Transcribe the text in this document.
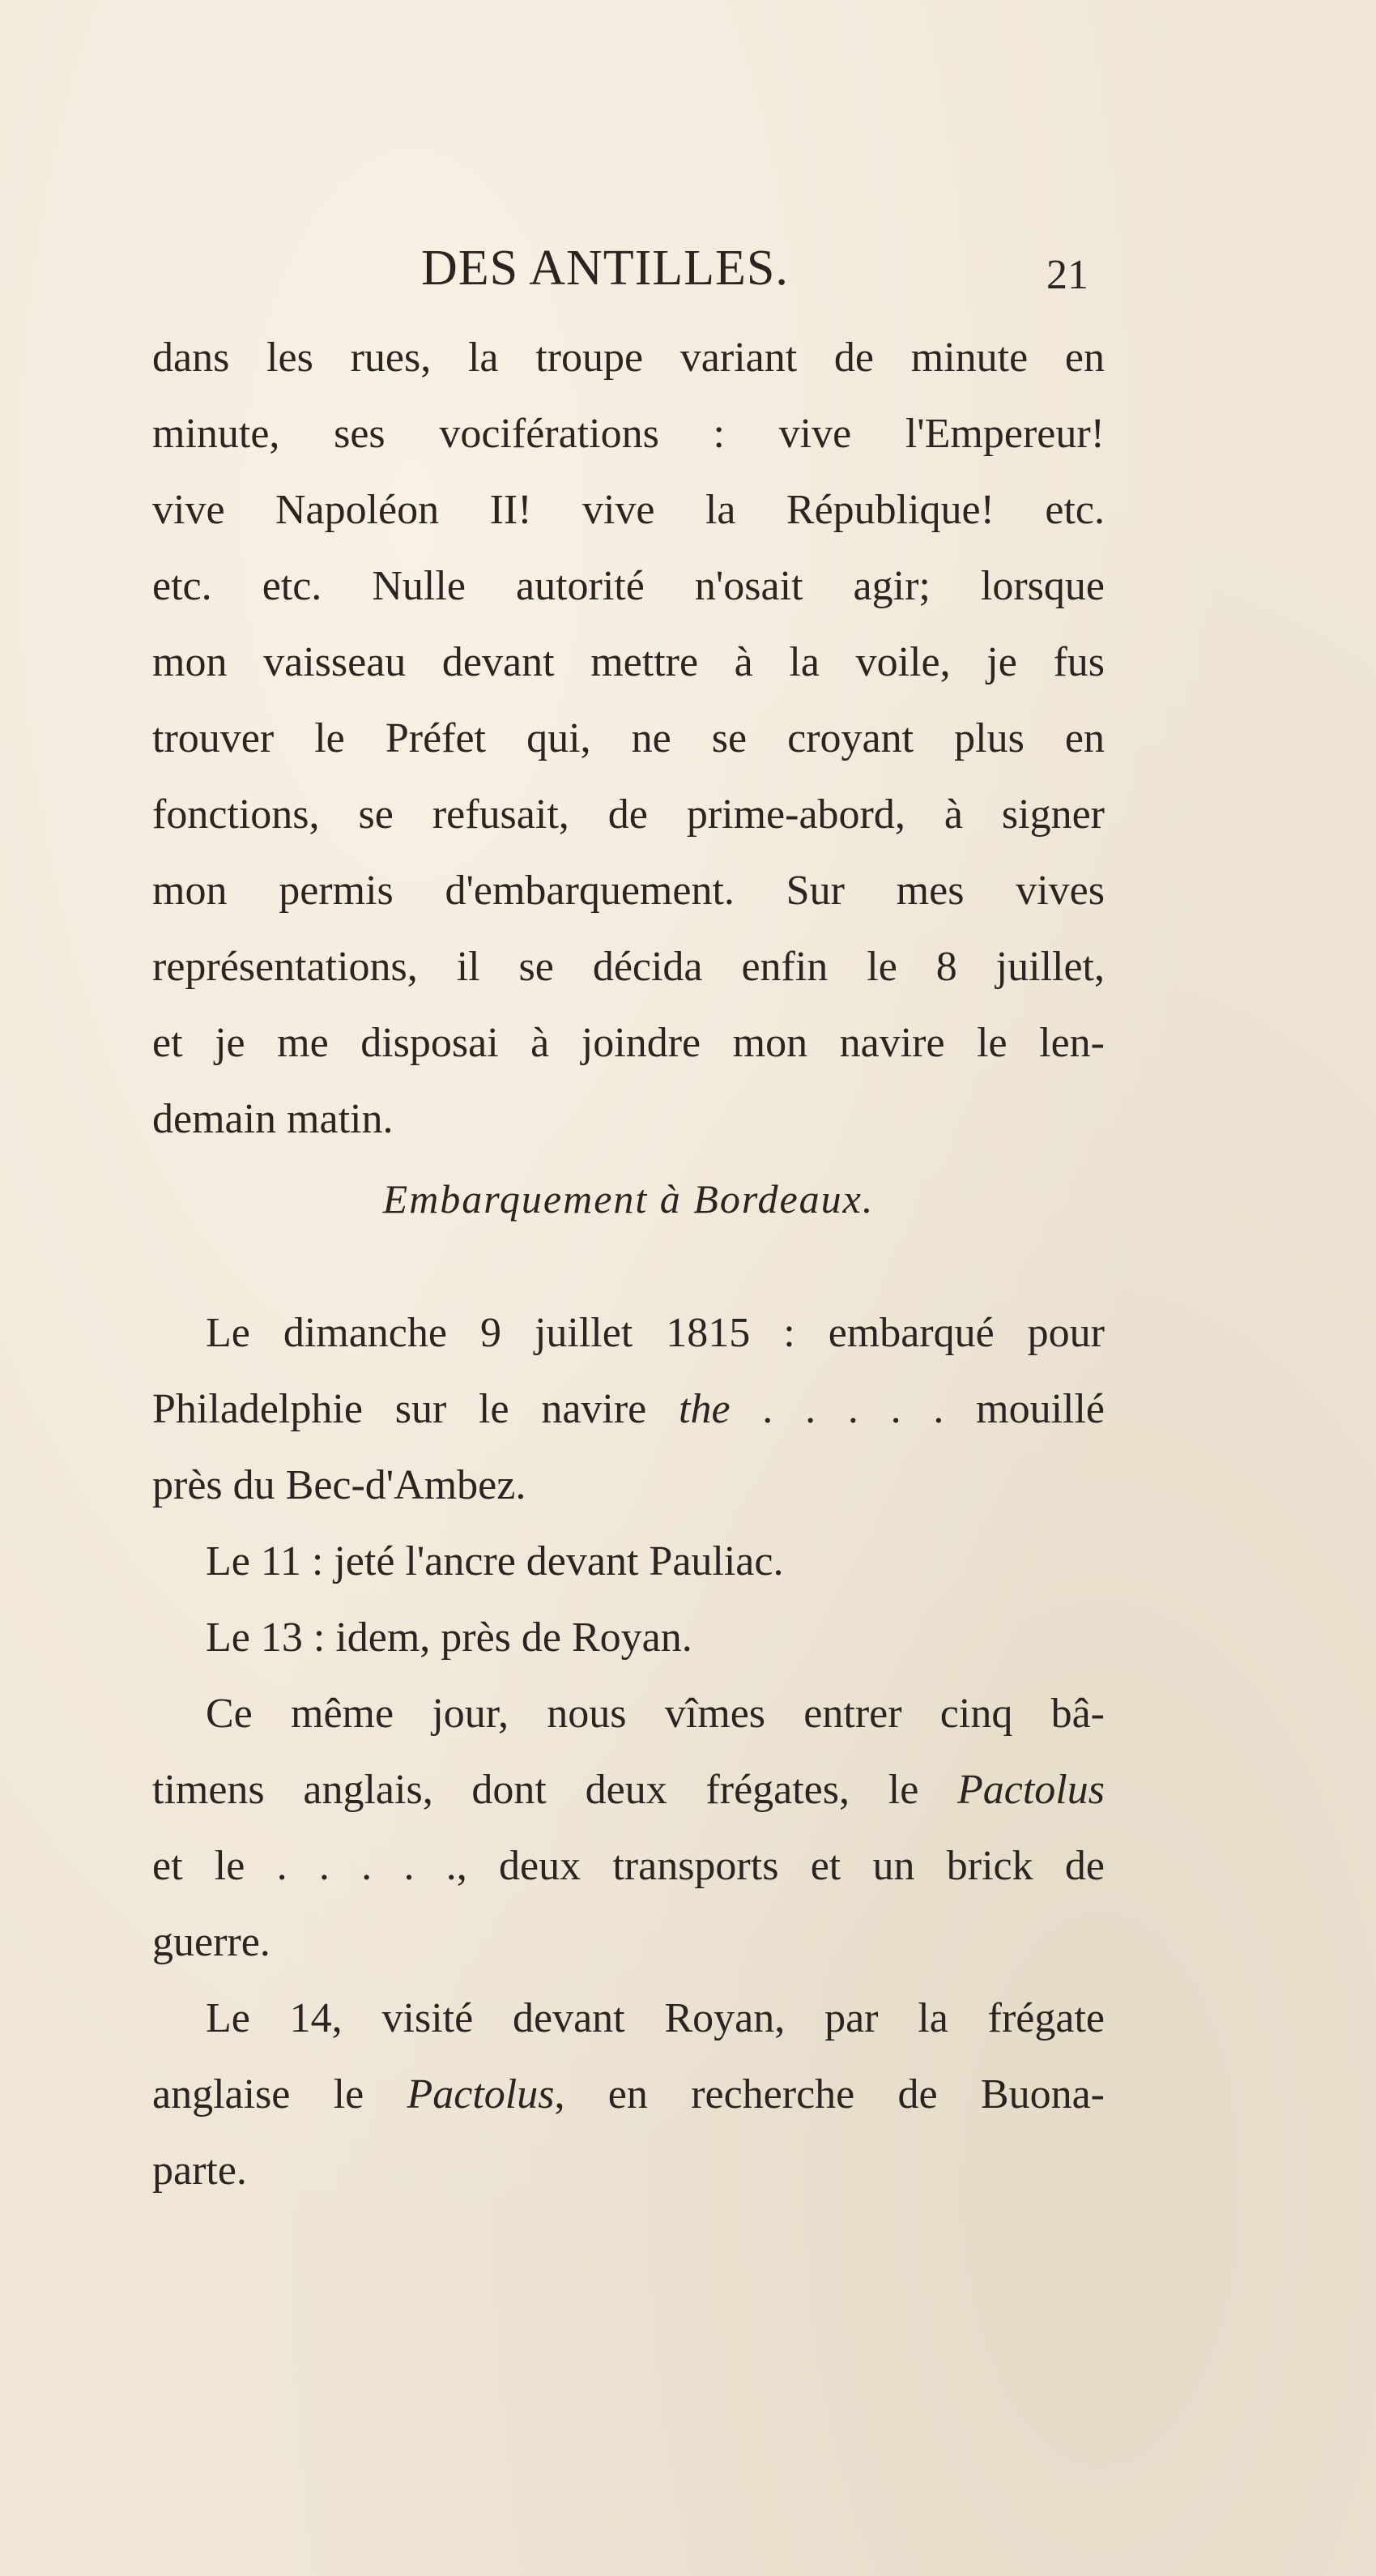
DES ANTILLES.	21
dans les rues, la troupe variant de minute en
minute, ses vociférations : vive l'Empereur!
vive Napoléon II! vive la République! etc.
etc. etc. Nulle autorité n'osait agir; lorsque
mon vaisseau devant mettre à la voile, je fus
trouver le Préfet qui, ne se croyant plus en
fonctions, se refusait, de prime-abord, à signer
mon permis d'embarquement. Sur mes vives
représentations, il se décida enfin le 8 juillet,
et je me disposai à joindre mon navire le len-
demain matin.
Embarquement à Bordeaux.
Le dimanche 9 juillet 1815 : embarqué pour
Philadelphie sur le navire the . . . . . mouillé
près du Bec-d'Ambez.
Le 11 : jeté l'ancre devant Pauliac.
Le 13 : idem, près de Royan.
Ce même jour, nous vîmes entrer cinq bâ-
timens anglais, dont deux frégates, le Pactolus
et le . . . . ., deux transports et un brick de
guerre.
Le 14, visité devant Royan, par la frégate
anglaise le Pactolus, en recherche de Buona-
parte.
